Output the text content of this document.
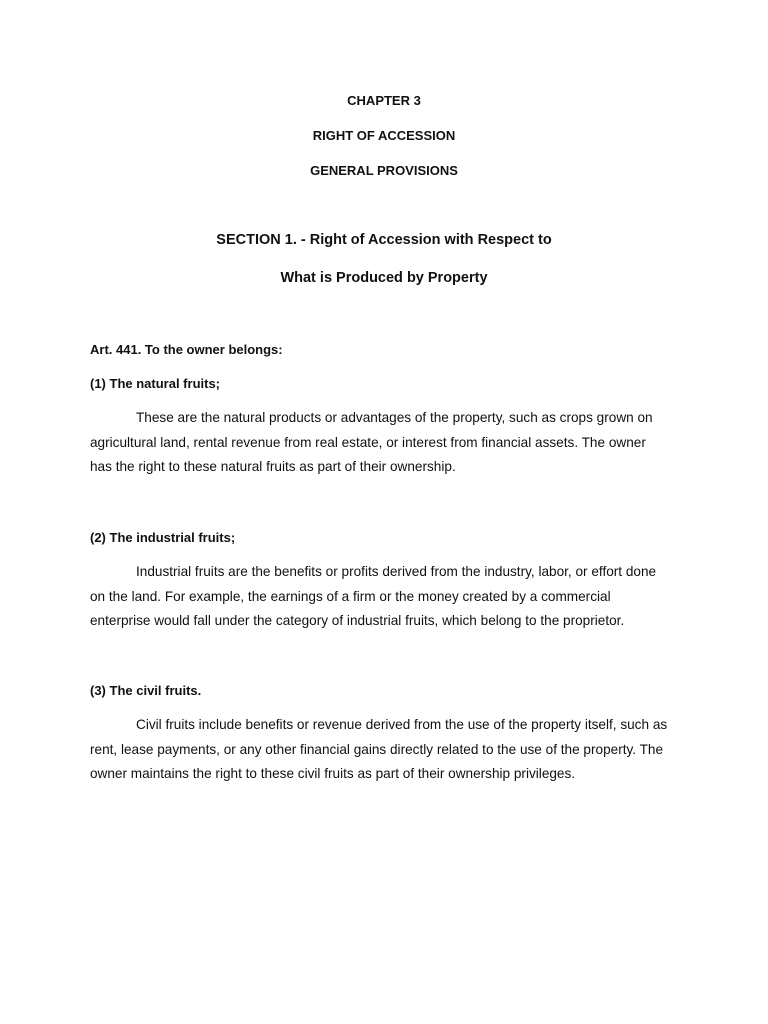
CHAPTER 3
RIGHT OF ACCESSION
GENERAL PROVISIONS
SECTION 1. - Right of Accession with Respect to
What is Produced by Property
Art. 441. To the owner belongs:
(1) The natural fruits;
These are the natural products or advantages of the property, such as crops grown on
agricultural land, rental revenue from real estate, or interest from financial assets. The owner
has the right to these natural fruits as part of their ownership.
(2) The industrial fruits;
Industrial fruits are the benefits or profits derived from the industry, labor, or effort done
on the land. For example, the earnings of a firm or the money created by a commercial
enterprise would fall under the category of industrial fruits, which belong to the proprietor.
(3) The civil fruits.
Civil fruits include benefits or revenue derived from the use of the property itself, such as
rent, lease payments, or any other financial gains directly related to the use of the property. The
owner maintains the right to these civil fruits as part of their ownership privileges.
